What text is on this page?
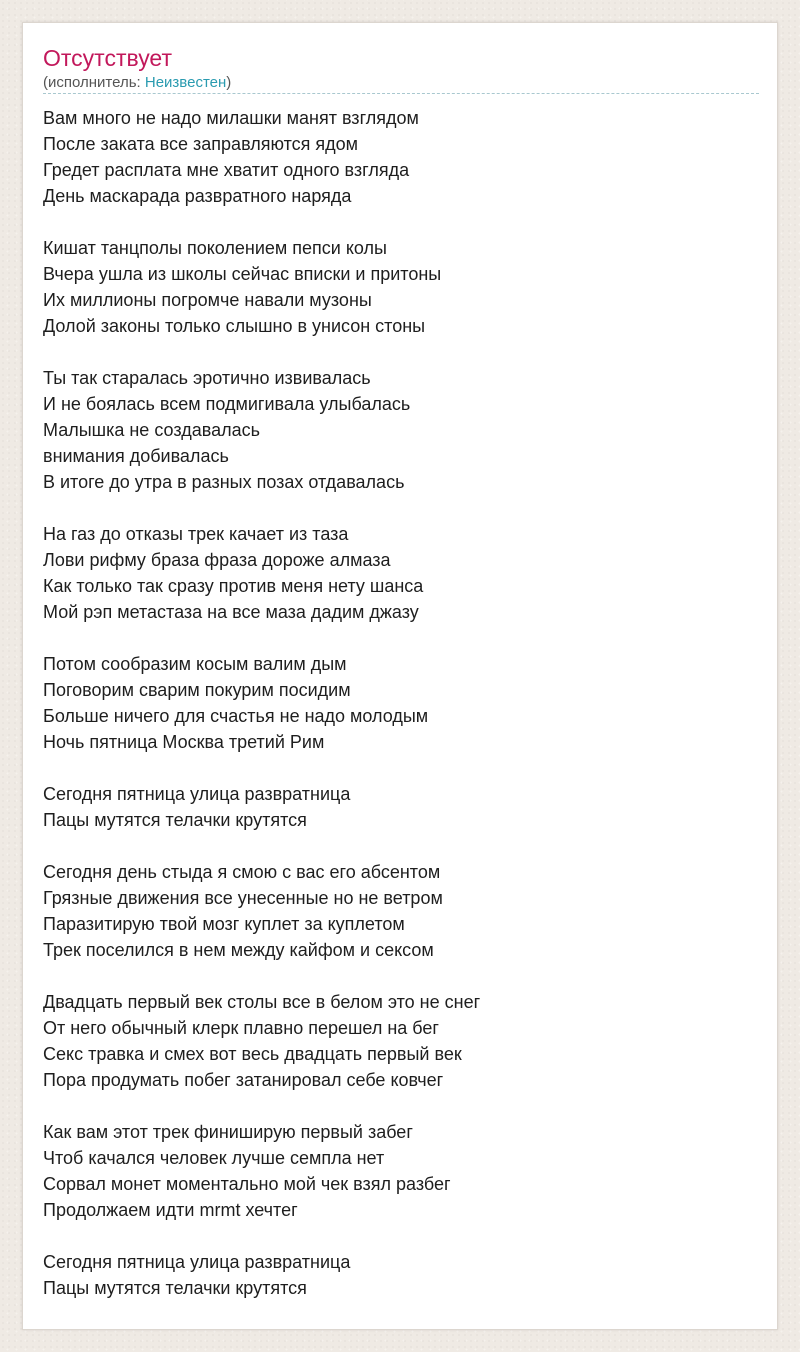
Отсутствует
(исполнитель: Неизвестен)
Вам много не надо милашки манят взглядом
После заката все заправляются ядом
Гредет расплата мне хватит одного взгляда
День маскарада развратного наряда
Кишат танцполы поколением пепси колы
Вчера ушла из школы сейчас вписки и притоны
Их миллионы погромче навали музоны
Долой законы только слышно в унисон стоны
Ты так старалась эротично извивалась
И не боялась всем подмигивала улыбалась
Малышка не создавалась
внимания добивалась
В итоге до утра в разных позах отдавалась
На газ до отказы трек качает из таза
Лови рифму браза фраза дороже алмаза
Как только так сразу против меня нету шанса
Мой рэп метастаза на все маза дадим джазу
Потом сообразим косым валим дым
Поговорим сварим покурим посидим
Больше ничего для счастья не надо молодым
Ночь пятница Москва третий Рим
Сегодня пятница улица развратница
Пацы мутятся телачки крутятся
Сегодня день стыда я смою с вас его абсентом
Грязные движения все унесенные но не ветром
Паразитирую твой мозг куплет за куплетом
Трек поселился в нем между кайфом и сексом
Двадцать первый век столы все в белом это не снег
От него обычный клерк плавно перешел на бег
Секс травка и смех вот весь двадцать первый век
Пора продумать побег затанировал себе ковчег
Как вам этот трек финиширую первый забег
Чтоб качался человек лучше семпла нет
Сорвал монет моментально мой чек взял разбег
Продолжаем идти mrmt хечтег
Сегодня пятница улица развратница
Пацы мутятся телачки крутятся
